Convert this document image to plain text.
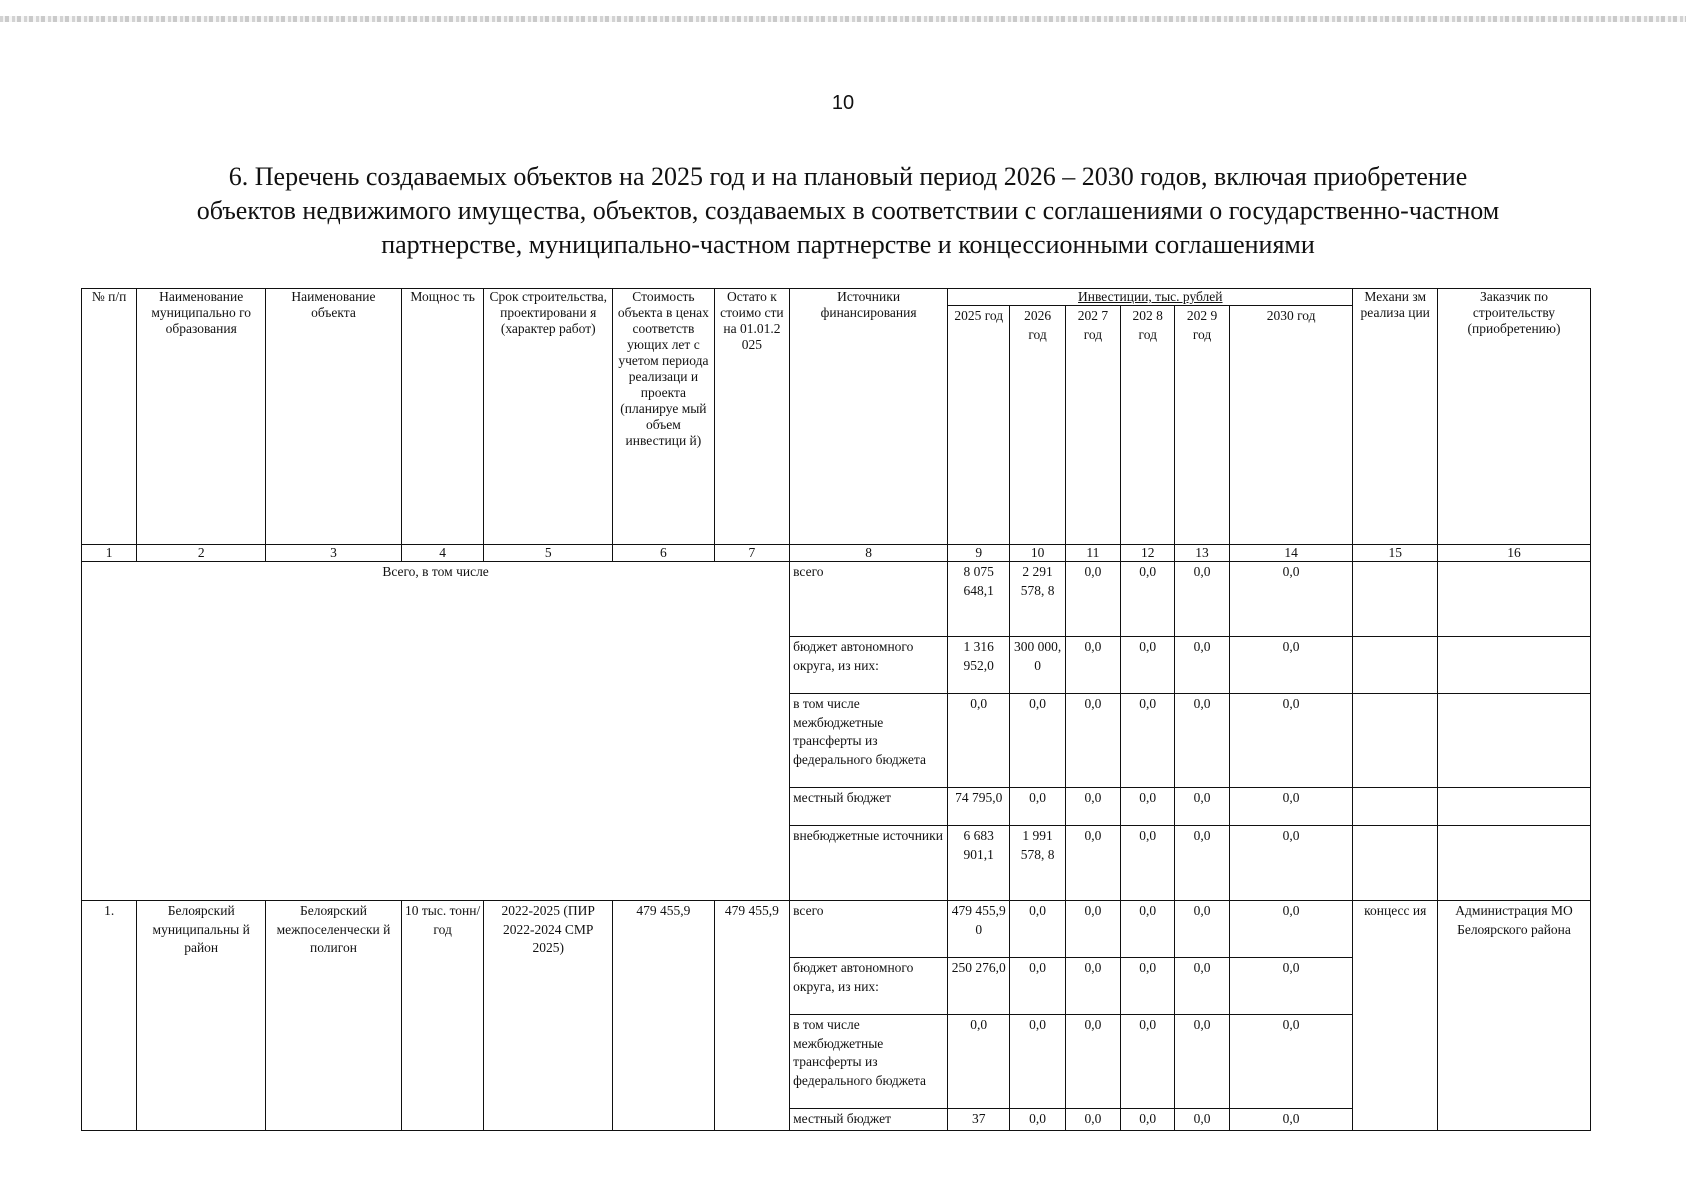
10
6. Перечень создаваемых объектов на 2025 год и на плановый период 2026 – 2030 годов, включая приобретение
объектов недвижимого имущества, объектов, создаваемых в соответствии с соглашениями о государственно-частном
партнерстве, муниципально-частном партнерстве и концессионными соглашениями
№ п/п	Наименование муниципально го образования	Наименование объекта	Мощнос ть	Срок строительства, проектировани я (характер работ)	Стоимость объекта в ценах соответств ующих лет с учетом периода реализаци и проекта (планируе мый объем инвестици й)	Остато к стоимо сти на 01.01.2 025	Источники финансирования	Инвестиции, тыс. рублей						Механи зм реализа ции	Заказчик по строительству (приобретению)
								2025 год	2026 год	202 7 год	202 8 год	202 9 год	2030 год		
1	2	3	4	5	6	7	8	9	10	11	12	13	14	15	16
Всего, в том числе							всего	8 075 648,1	2 291 578, 8	0,0	0,0	0,0	0,0		
							бюджет автономного округа, из них:	1 316 952,0	300 000, 0	0,0	0,0	0,0	0,0		
							в том числе межбюджетные трансферты из федерального бюджета	0,0	0,0	0,0	0,0	0,0	0,0		
							местный бюджет	74 795,0	0,0	0,0	0,0	0,0	0,0		
							внебюджетные источники	6 683 901,1	1 991 578, 8	0,0	0,0	0,0	0,0		
1.	Белоярский муниципальны й район	Белоярский межпоселенчески й полигон	10 тыс. тонн/год	2022-2025 (ПИР 2022-2024 СМР 2025)	479 455,9	479 455,9	всего	479 455,9 0	0,0	0,0	0,0	0,0	0,0	концесс ия	Администрация МО Белоярского района
							бюджет автономного округа, из них:	250 276,0	0,0	0,0	0,0	0,0	0,0		
							в том числе межбюджетные трансферты из федерального бюджета	0,0	0,0	0,0	0,0	0,0	0,0		
							местный бюджет	37	0,0	0,0	0,0	0,0	0,0		
